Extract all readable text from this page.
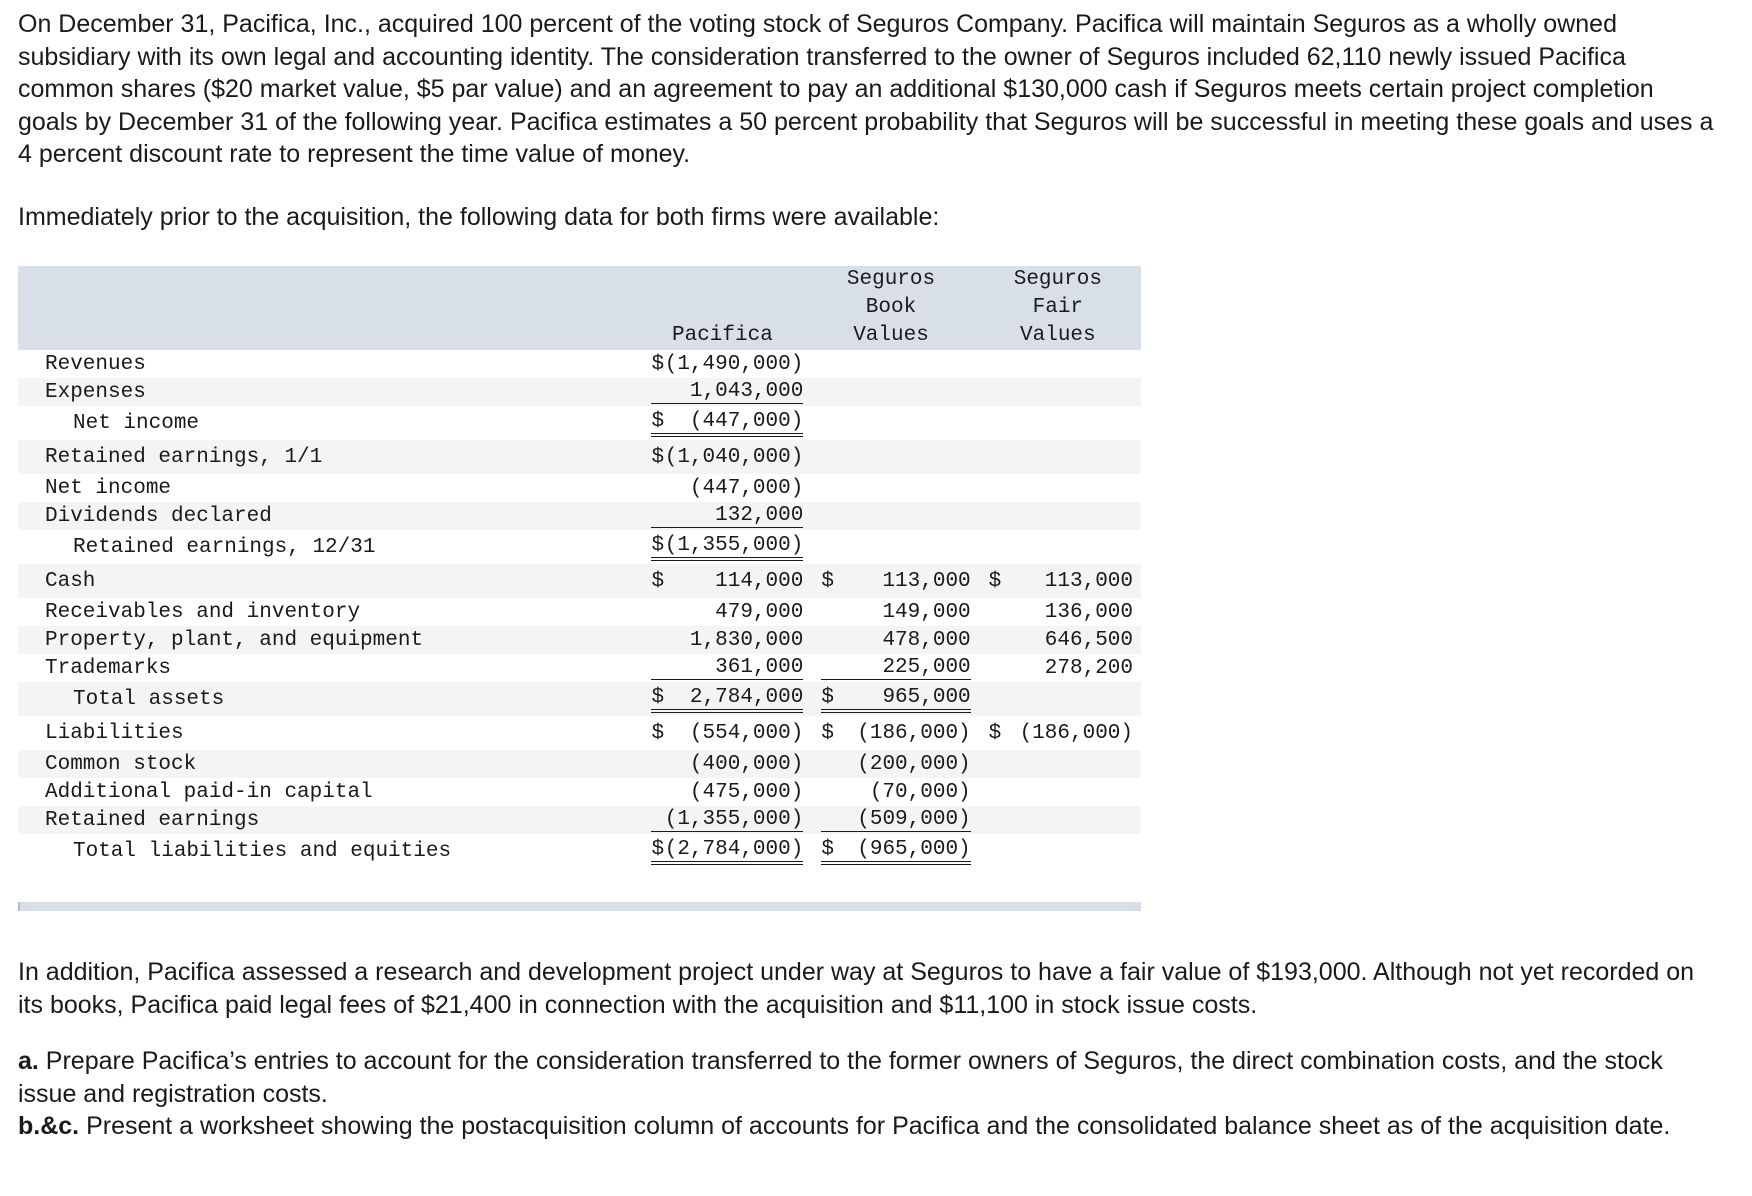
On December 31, Pacifica, Inc., acquired 100 percent of the voting stock of Seguros Company. Pacifica will maintain Seguros as a wholly owned subsidiary with its own legal and accounting identity. The consideration transferred to the owner of Seguros included 62,110 newly issued Pacifica common shares ($20 market value, $5 par value) and an agreement to pay an additional $130,000 cash if Seguros meets certain project completion goals by December 31 of the following year. Pacifica estimates a 50 percent probability that Seguros will be successful in meeting these goals and uses a 4 percent discount rate to represent the time value of money.

Immediately prior to the acquisition, the following data for both firms were available:

		Seguros	Seguros
		Book	Fair
	Pacifica	Values	Values
Revenues	$ (1,490,000)		

Expenses	1,043,000		

Net income	$ (447,000)		

Retained earnings, 1/1	$ (1,040,000)		

Net income	(447,000)		

Dividends declared	132,000		

Retained earnings, 12/31	$ (1,355,000)		

Cash	$ 114,000	$ 113,000	$ 113,000

Receivables and inventory	479,000	149,000	136,000

Property, plant, and equipment	1,830,000	478,000	646,500

Trademarks	361,000	225,000	278,200

Total assets	$ 2,784,000	$ 965,000	

Liabilities	$ (554,000)	$ (186,000)	$ (186,000)

Common stock	(400,000)	(200,000)	

Additional paid-in capital	(475,000)	(70,000)	

Retained earnings	(1,355,000)	(509,000)	

Total liabilities and equities	$ (2,784,000)	$ (965,000)	

In addition, Pacifica assessed a research and development project under way at Seguros to have a fair value of $193,000. Although not yet recorded on its books, Pacifica paid legal fees of $21,400 in connection with the acquisition and $11,100 in stock issue costs.

a. Prepare Pacifica’s entries to account for the consideration transferred to the former owners of Seguros, the direct combination costs, and the stock issue and registration costs.

b.&c. Present a worksheet showing the postacquisition column of accounts for Pacifica and the consolidated balance sheet as of the acquisition date.
